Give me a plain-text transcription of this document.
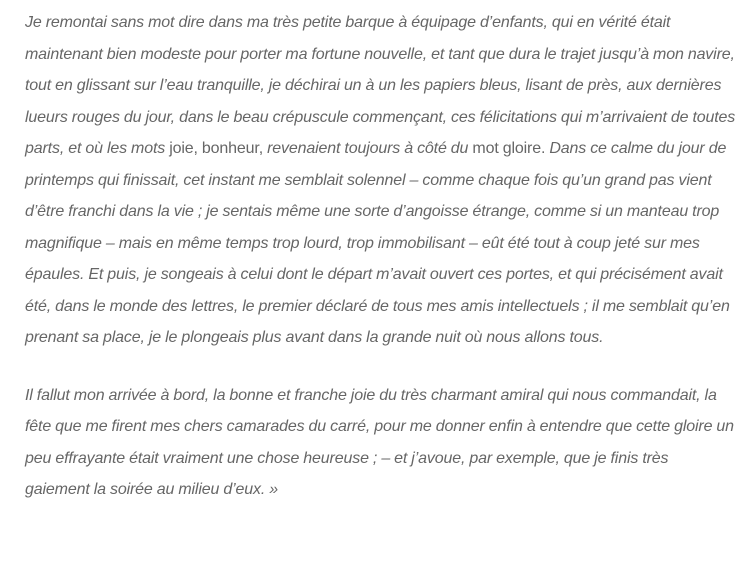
Je remontai sans mot dire dans ma très petite barque à équipage d’enfants, qui en vérité était maintenant bien modeste pour porter ma fortune nouvelle, et tant que dura le trajet jusqu’à mon navire, tout en glissant sur l’eau tranquille, je déchirai un à un les papiers bleus, lisant de près, aux dernières lueurs rouges du jour, dans le beau crépuscule commençant, ces félicitations qui m’arrivaient de toutes parts, et où les mots joie, bonheur, revenaient toujours à côté du mot gloire. Dans ce calme du jour de printemps qui finissait, cet instant me semblait solennel – comme chaque fois qu’un grand pas vient d’être franchi dans la vie ; je sentais même une sorte d’angoisse étrange, comme si un manteau trop magnifique – mais en même temps trop lourd, trop immobilisant – eût été tout à coup jeté sur mes épaules. Et puis, je songeais à celui dont le départ m’avait ouvert ces portes, et qui précisément avait été, dans le monde des lettres, le premier déclaré de tous mes amis intellectuels ; il me semblait qu’en prenant sa place, je le plongeais plus avant dans la grande nuit où nous allons tous.

Il fallut mon arrivée à bord, la bonne et franche joie du très charmant amiral qui nous commandait, la fête que me firent mes chers camarades du carré, pour me donner enfin à entendre que cette gloire un peu effrayante était vraiment une chose heureuse ; – et j’avoue, par exemple, que je finis très gaiement la soirée au milieu d’eux. »
